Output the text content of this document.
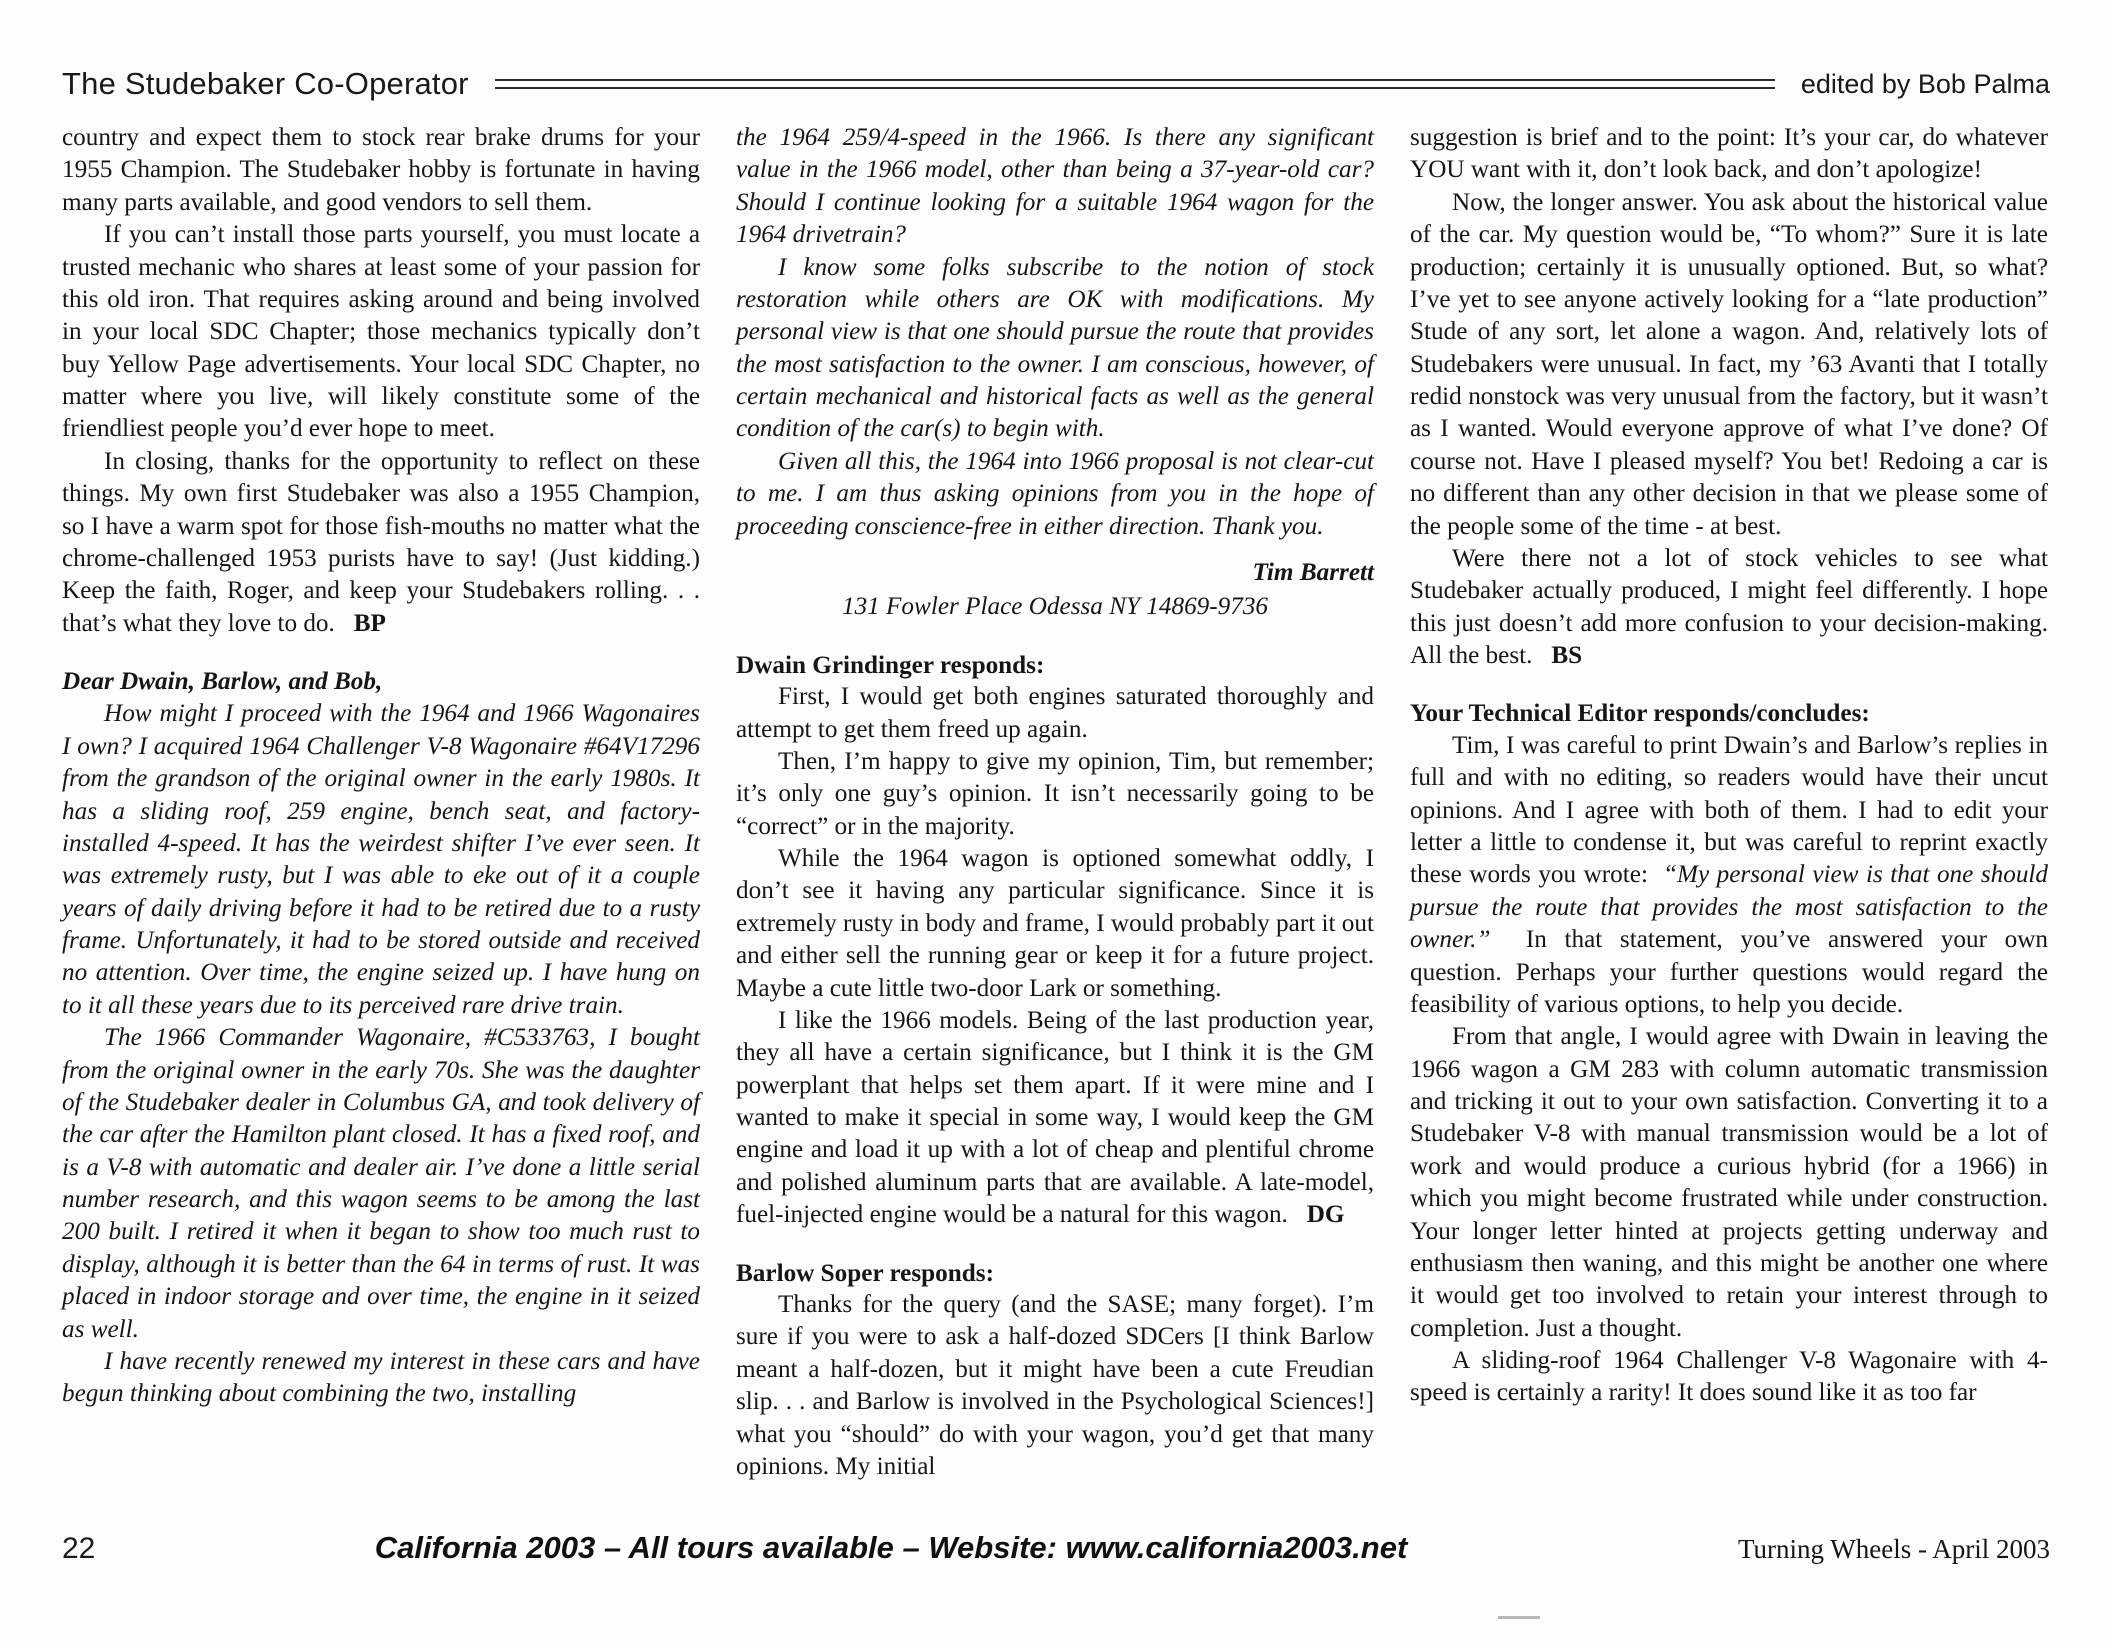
The Studebaker Co-Operator	edited by Bob Palma

country and expect them to stock rear brake drums for your 1955 Champion. The Studebaker hobby is fortunate in having many parts available, and good vendors to sell them.

If you can’t install those parts yourself, you must locate a trusted mechanic who shares at least some of your passion for this old iron. That requires asking around and being involved in your local SDC Chapter; those mechanics typically don’t buy Yellow Page advertisements. Your local SDC Chapter, no matter where you live, will likely constitute some of the friendliest people you’d ever hope to meet.

In closing, thanks for the opportunity to reflect on these things. My own first Studebaker was also a 1955 Champion, so I have a warm spot for those fish-mouths no matter what the chrome-challenged 1953 purists have to say! (Just kidding.) Keep the faith, Roger, and keep your Studebakers rolling. . . that’s what they love to do. BP

Dear Dwain, Barlow, and Bob,

How might I proceed with the 1964 and 1966 Wagonaires I own? I acquired 1964 Challenger V-8 Wagonaire #64V17296 from the grandson of the original owner in the early 1980s. It has a sliding roof, 259 engine, bench seat, and factory-installed 4-speed. It has the weirdest shifter I’ve ever seen. It was extremely rusty, but I was able to eke out of it a couple years of daily driving before it had to be retired due to a rusty frame. Unfortunately, it had to be stored outside and received no attention. Over time, the engine seized up. I have hung on to it all these years due to its perceived rare drive train.

The 1966 Commander Wagonaire, #C533763, I bought from the original owner in the early 70s. She was the daughter of the Studebaker dealer in Columbus GA, and took delivery of the car after the Hamilton plant closed. It has a fixed roof, and is a V-8 with automatic and dealer air. I’ve done a little serial number research, and this wagon seems to be among the last 200 built. I retired it when it began to show too much rust to display, although it is better than the 64 in terms of rust. It was placed in indoor storage and over time, the engine in it seized as well.

I have recently renewed my interest in these cars and have begun thinking about combining the two, installing

the 1964 259/4-speed in the 1966. Is there any significant value in the 1966 model, other than being a 37-year-old car? Should I continue looking for a suitable 1964 wagon for the 1964 drivetrain?

I know some folks subscribe to the notion of stock restoration while others are OK with modifications. My personal view is that one should pursue the route that provides the most satisfaction to the owner. I am conscious, however, of certain mechanical and historical facts as well as the general condition of the car(s) to begin with.

Given all this, the 1964 into 1966 proposal is not clear-cut to me. I am thus asking opinions from you in the hope of proceeding conscience-free in either direction. Thank you.

Tim Barrett

131 Fowler Place Odessa NY 14869-9736

Dwain Grindinger responds:

First, I would get both engines saturated thoroughly and attempt to get them freed up again.

Then, I’m happy to give my opinion, Tim, but remember; it’s only one guy’s opinion. It isn’t necessarily going to be “correct” or in the majority.

While the 1964 wagon is optioned somewhat oddly, I don’t see it having any particular significance. Since it is extremely rusty in body and frame, I would probably part it out and either sell the running gear or keep it for a future project. Maybe a cute little two-door Lark or something.

I like the 1966 models. Being of the last production year, they all have a certain significance, but I think it is the GM powerplant that helps set them apart. If it were mine and I wanted to make it special in some way, I would keep the GM engine and load it up with a lot of cheap and plentiful chrome and polished aluminum parts that are available. A late-model, fuel-injected engine would be a natural for this wagon. DG

Barlow Soper responds:

Thanks for the query (and the SASE; many forget). I’m sure if you were to ask a half-dozed SDCers [I think Barlow meant a half-dozen, but it might have been a cute Freudian slip. . . and Barlow is involved in the Psychological Sciences!] what you “should” do with your wagon, you’d get that many opinions. My initial

suggestion is brief and to the point: It’s your car, do whatever YOU want with it, don’t look back, and don’t apologize!

Now, the longer answer. You ask about the historical value of the car. My question would be, “To whom?” Sure it is late production; certainly it is unusually optioned. But, so what? I’ve yet to see anyone actively looking for a “late production” Stude of any sort, let alone a wagon. And, relatively lots of Studebakers were unusual. In fact, my ’63 Avanti that I totally redid nonstock was very unusual from the factory, but it wasn’t as I wanted. Would everyone approve of what I’ve done? Of course not. Have I pleased myself? You bet! Redoing a car is no different than any other decision in that we please some of the people some of the time - at best.

Were there not a lot of stock vehicles to see what Studebaker actually produced, I might feel differently. I hope this just doesn’t add more confusion to your decision-making. All the best. BS

Your Technical Editor responds/concludes:

Tim, I was careful to print Dwain’s and Barlow’s replies in full and with no editing, so readers would have their uncut opinions. And I agree with both of them. I had to edit your letter a little to condense it, but was careful to reprint exactly these words you wrote: “My personal view is that one should pursue the route that provides the most satisfaction to the owner.” In that statement, you’ve answered your own question. Perhaps your further questions would regard the feasibility of various options, to help you decide.

From that angle, I would agree with Dwain in leaving the 1966 wagon a GM 283 with column automatic transmission and tricking it out to your own satisfaction. Converting it to a Studebaker V-8 with manual transmission would be a lot of work and would produce a curious hybrid (for a 1966) in which you might become frustrated while under construction. Your longer letter hinted at projects getting underway and enthusiasm then waning, and this might be another one where it would get too involved to retain your interest through to completion. Just a thought.

A sliding-roof 1964 Challenger V-8 Wagonaire with 4-speed is certainly a rarity! It does sound like it as too far

22	California 2003 – All tours available – Website: www.california2003.net	Turning Wheels - April 2003
